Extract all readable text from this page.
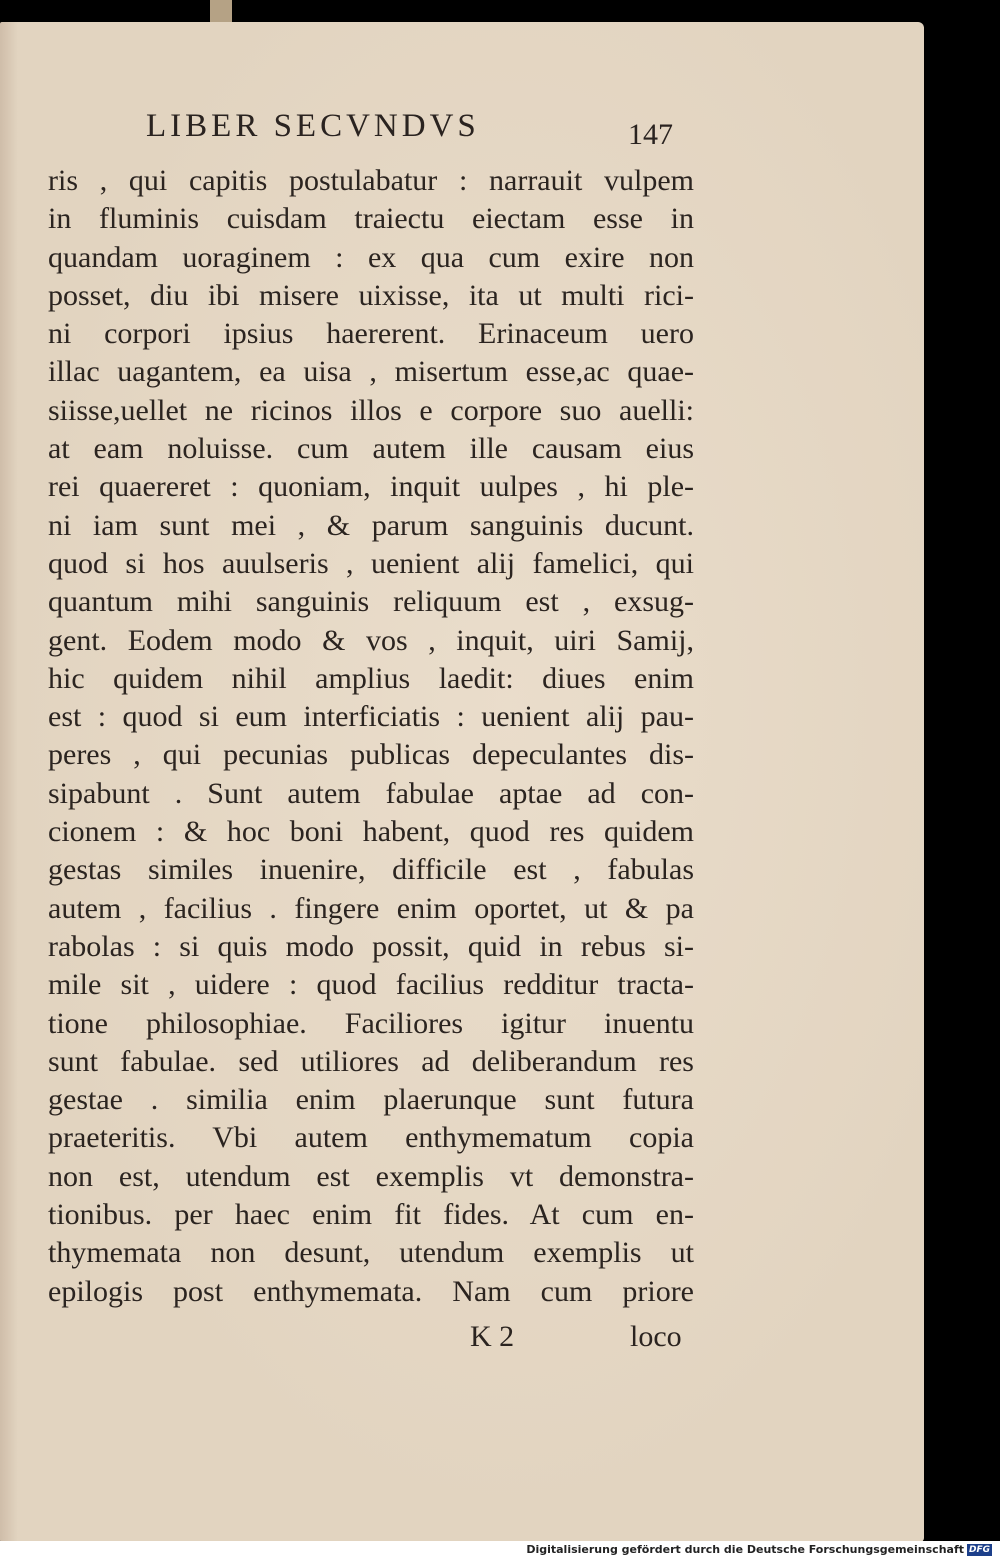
LIBER SECVNDVS	147
ris , qui capitis postulabatur : narrauit vulpem
in fluminis cuisdam traiectu eiectam esse in
quandam uoraginem : ex qua cum exire non
posset, diu ibi misere uixisse, ita ut multi rici-
ni corpori ipsius haererent. Erinaceum uero
illac uagantem, ea uisa , misertum esse,ac quae-
siisse,uellet ne ricinos illos e corpore suo auelli:
at eam noluisse. cum autem ille causam eius
rei quaereret : quoniam, inquit uulpes , hi ple-
ni iam sunt mei , & parum sanguinis ducunt.
quod si hos auulseris , uenient alij famelici, qui
quantum mihi sanguinis reliquum est , exsug-
gent. Eodem modo & vos , inquit, uiri Samij,
hic quidem nihil amplius laedit: diues enim
est : quod si eum interficiatis : uenient alij pau-
peres , qui pecunias publicas depeculantes dis-
sipabunt . Sunt autem fabulae aptae ad con-
cionem : & hoc boni habent, quod res quidem
gestas similes inuenire, difficile est , fabulas
autem , facilius . fingere enim oportet, ut & pa
rabolas : si quis modo possit, quid in rebus si-
mile sit , uidere : quod facilius redditur tracta-
tione philosophiae. Faciliores igitur inuentu
sunt fabulae. sed utiliores ad deliberandum res
gestae . similia enim plaerunque sunt futura
praeteritis. Vbi autem enthymematum copia
non est, utendum est exemplis vt demonstra-
tionibus. per haec enim fit fides. At cum en-
thymemata non desunt, utendum exemplis ut
epilogis post enthymemata. Nam cum priore
K 2	loco
Digitalisierung gefördert durch die Deutsche Forschungsgemeinschaft DFG
